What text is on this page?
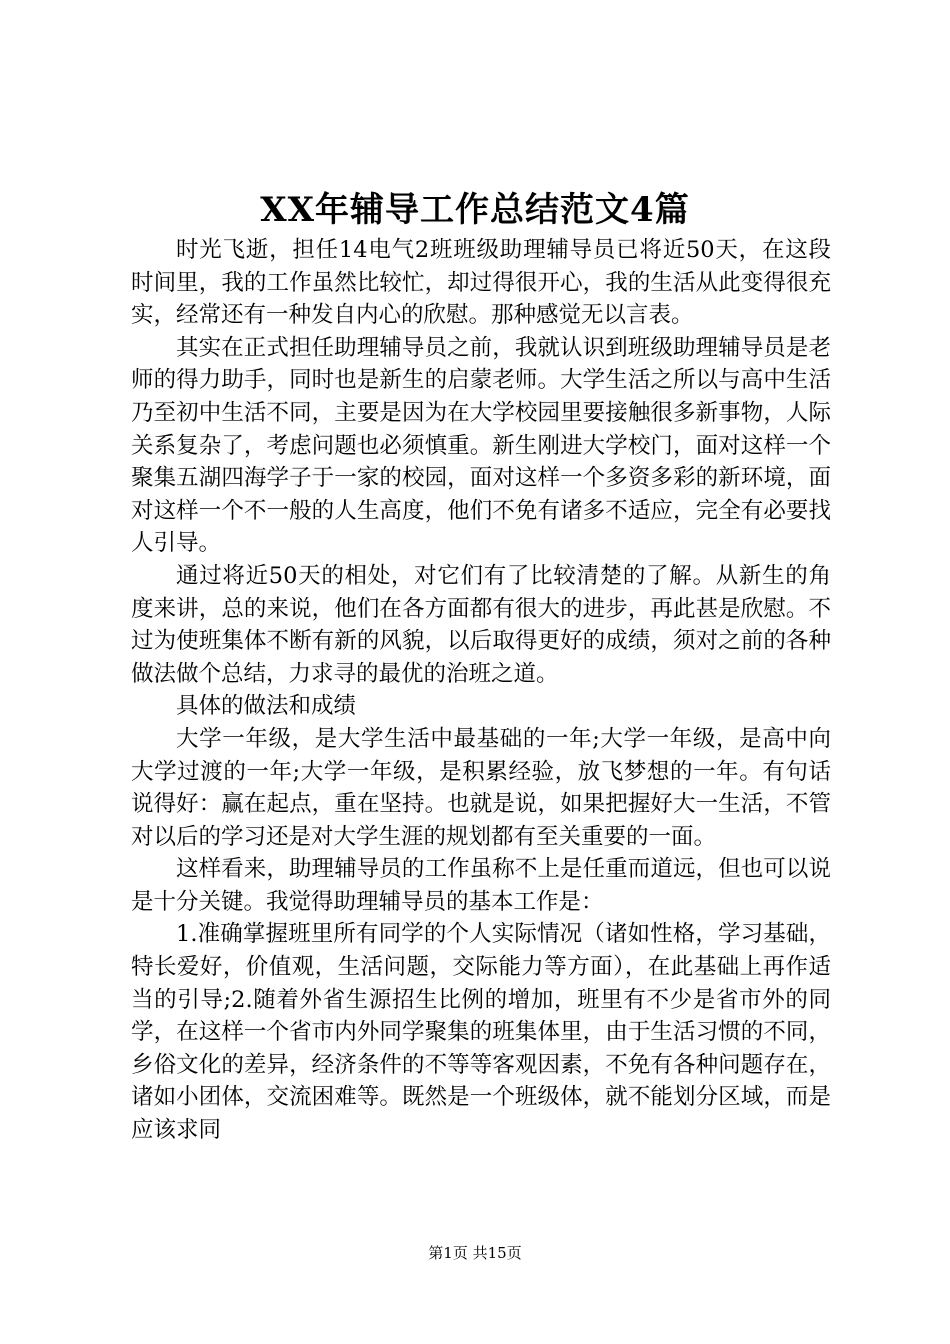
XX年辅导工作总结范文4篇

时光飞逝，担任14电气2班班级助理辅导员已将近50天，在这段时间里，我的工作虽然比较忙，却过得很开心，我的生活从此变得很充实，经常还有一种发自内心的欣慰。那种感觉无以言表。

其实在正式担任助理辅导员之前，我就认识到班级助理辅导员是老师的得力助手，同时也是新生的启蒙老师。大学生活之所以与高中生活乃至初中生活不同，主要是因为在大学校园里要接触很多新事物，人际关系复杂了，考虑问题也必须慎重。新生刚进大学校门，面对这样一个聚集五湖四海学子于一家的校园，面对这样一个多资多彩的新环境，面对这样一个不一般的人生高度，他们不免有诸多不适应，完全有必要找人引导。

通过将近50天的相处，对它们有了比较清楚的了解。从新生的角度来讲，总的来说，他们在各方面都有很大的进步，再此甚是欣慰。不过为使班集体不断有新的风貌，以后取得更好的成绩，须对之前的各种做法做个总结，力求寻的最优的治班之道。

具体的做法和成绩

大学一年级，是大学生活中最基础的一年;大学一年级，是高中向大学过渡的一年;大学一年级，是积累经验，放飞梦想的一年。有句话说得好：赢在起点，重在坚持。也就是说，如果把握好大一生活，不管对以后的学习还是对大学生涯的规划都有至关重要的一面。

这样看来，助理辅导员的工作虽称不上是任重而道远，但也可以说是十分关键。我觉得助理辅导员的基本工作是：

1.准确掌握班里所有同学的个人实际情况（诸如性格，学习基础，特长爱好，价值观，生活问题，交际能力等方面），在此基础上再作适当的引导;2.随着外省生源招生比例的增加，班里有不少是省市外的同学，在这样一个省市内外同学聚集的班集体里，由于生活习惯的不同，乡俗文化的差异，经济条件的不等等客观因素，不免有各种问题存在，诸如小团体，交流困难等。既然是一个班级体，就不能划分区域，而是应该求同

第1页 共15页
